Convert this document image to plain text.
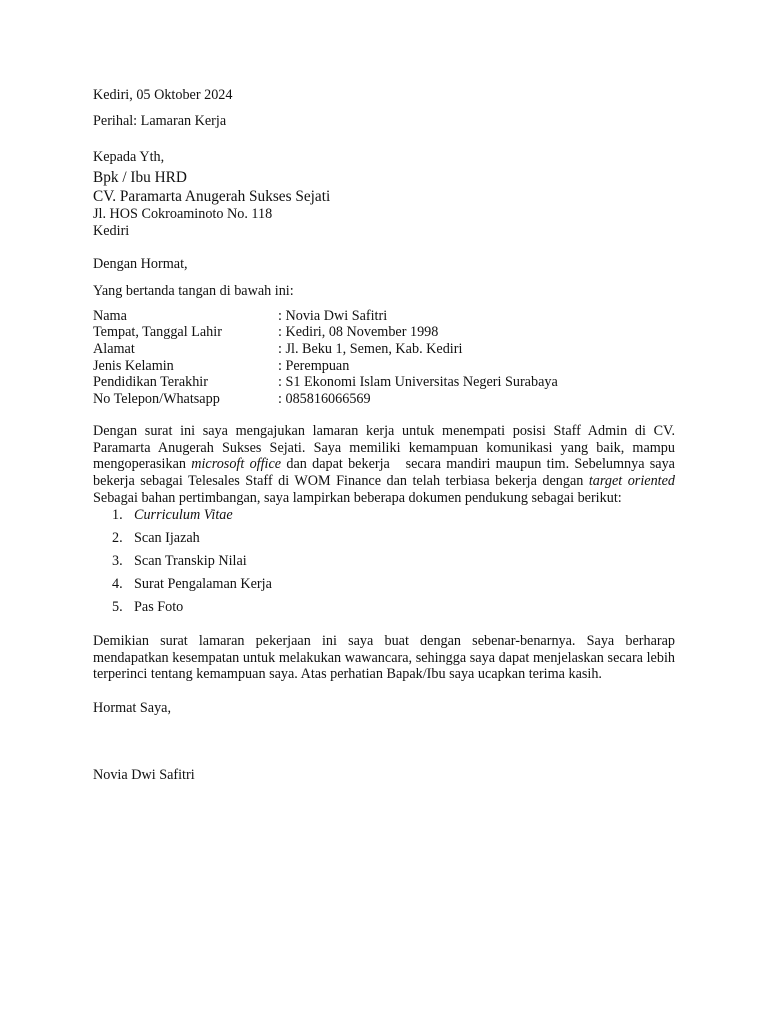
Kediri, 05 Oktober 2024

Perihal: Lamaran Kerja

Kepada Yth,

Bpk / Ibu HRD

CV. Paramarta Anugerah Sukses Sejati

Jl. HOS Cokroaminoto No. 118

Kediri

Dengan Hormat,

Yang bertanda tangan di bawah ini:

Nama	: Novia Dwi Safitri
Tempat, Tanggal Lahir	: Kediri, 08 November 1998
Alamat	: Jl. Beku 1, Semen, Kab. Kediri
Jenis Kelamin	: Perempuan
Pendidikan Terakhir	: S1 Ekonomi Islam Universitas Negeri Surabaya
No Telepon/Whatsapp	: 085816066569

Dengan surat ini saya mengajukan lamaran kerja untuk menempati posisi Staff Admin di CV. Paramarta Anugerah Sukses Sejati. Saya memiliki kemampuan komunikasi yang baik, mampu mengoperasikan microsoft office dan dapat bekerja   secara mandiri maupun tim. Sebelumnya saya bekerja sebagai Telesales Staff di WOM Finance dan telah terbiasa bekerja dengan target oriented Sebagai bahan pertimbangan, saya lampirkan beberapa dokumen pendukung sebagai berikut:

1. Curriculum Vitae
2. Scan Ijazah
3. Scan Transkip Nilai
4. Surat Pengalaman Kerja
5. Pas Foto

Demikian surat lamaran pekerjaan ini saya buat dengan sebenar-benarnya. Saya berharap mendapatkan kesempatan untuk melakukan wawancara, sehingga saya dapat menjelaskan secara lebih terperinci tentang kemampuan saya. Atas perhatian Bapak/Ibu saya ucapkan terima kasih.

Hormat Saya,

Novia Dwi Safitri
